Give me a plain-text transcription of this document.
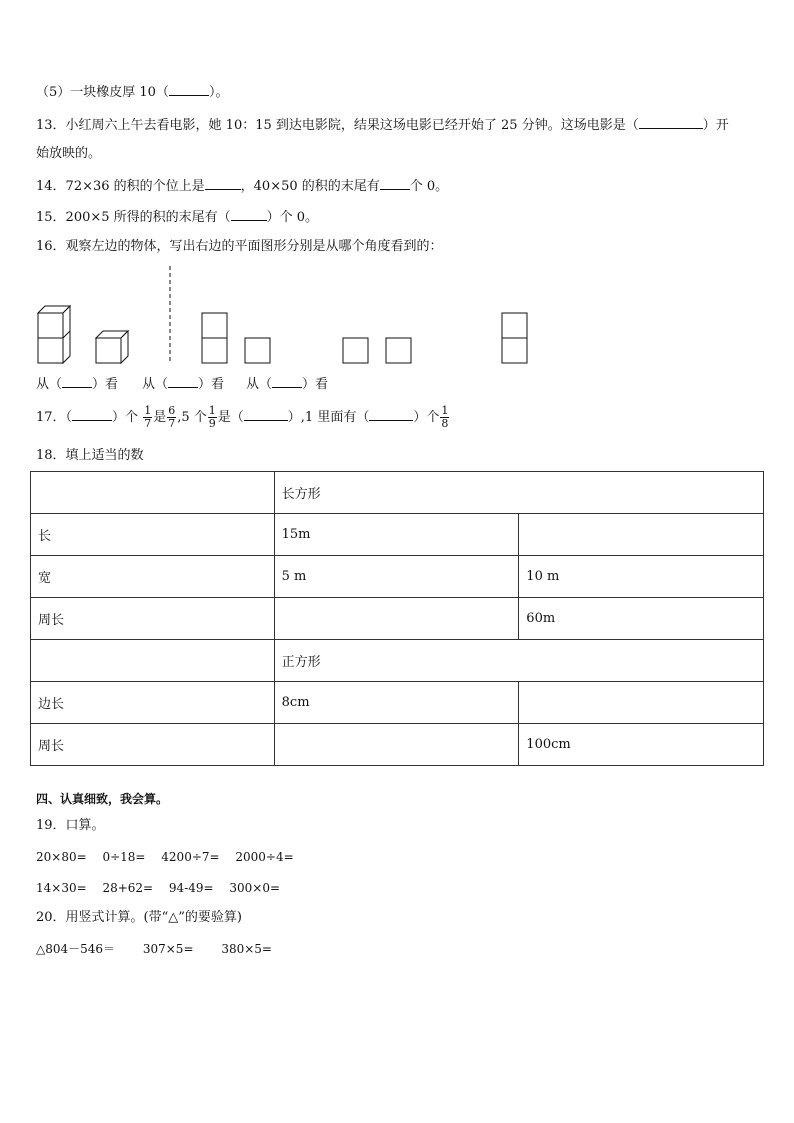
（5）一块橡皮厚 10（	）。
13．小红周六上午去看电影，她 10：15 到达电影院，结果这场电影已经开始了 25 分钟。这场电影是（	）开
始放映的。
14．72×36 的积的个位上是	，40×50 的积的末尾有 个 0。
15．200×5 所得的积的末尾有（	）个 0。
16．观察左边的物体，写出右边的平面图形分别是从哪个角度看到的：
从（ ）看 从（ ）看 从（ ）看
17．（	）个 $\frac{1}{7}$ 是 $\frac{6}{7} ,5$ 个 $\frac{1}{9}$ 是（	）,1 里面有（	）个 $\frac{1}{8}$
18．填上适当的数
	长方形	
长	15m	
宽	5 m	10 m
周长		60m
	正方形	
边长	8cm	
周长		100cm
四、认真细致，我会算。
19．口算。
20×80=　 0÷18=　 4200÷7=　 2000÷4=
14×30=　 28+62=　 94-49=　 300×0=
20．用竖式计算。(带“△”的要验算)
△804－546＝　　 307×5=　　 380×5=
